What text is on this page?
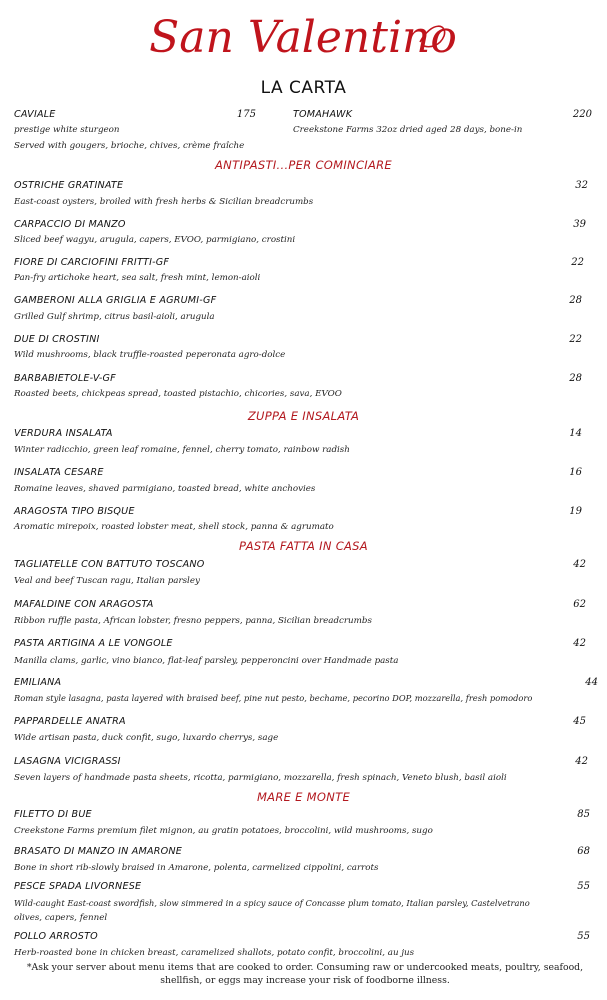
San Valentino
LA CARTA
CAVIALE	175
prestige white sturgeon
Served with gougers, brioche, chives, crème fraîche
TOMAHAWK	220
Creekstone Farms 32oz dried aged 28 days, bone-in
ANTIPASTI...PER COMINCIARE
OSTRICHE GRATINATE	32
East-coast oysters, broiled with fresh herbs & Sicilian breadcrumbs
CARPACCIO DI MANZO	39
Sliced beef wagyu, arugula, capers, EVOO, parmigiano, crostini
FIORE DI CARCIOFINI FRITTI-GF	22
Pan-fry artichoke heart, sea salt, fresh mint, lemon-aioli
GAMBERONI ALLA GRIGLIA E AGRUMI-GF	28
Grilled Gulf shrimp, citrus basil-aioli, arugula
DUE DI CROSTINI	22
Wild mushrooms, black truffle-roasted peperonata agro-dolce
BARBABIETOLE-V-GF	28
Roasted beets, chickpeas spread, toasted pistachio, chicories, sava, EVOO
ZUPPA E INSALATA
VERDURA INSALATA	14
Winter radicchio, green leaf romaine, fennel, cherry tomato, rainbow radish
INSALATA CESARE	16
Romaine leaves, shaved parmigiano, toasted bread, white anchovies
ARAGOSTA TIPO BISQUE	19
Aromatic mirepoix, roasted lobster meat, shell stock, panna & agrumato
PASTA FATTA IN CASA
TAGLIATELLE CON BATTUTO TOSCANO	42
Veal and beef Tuscan ragu, Italian parsley
MAFALDINE CON ARAGOSTA	62
Ribbon ruffle pasta, African lobster, fresno peppers, panna, Sicilian breadcrumbs
PASTA ARTIGINA A LE VONGOLE	42
Manilla clams, garlic, vino bianco, flat-leaf parsley, pepperoncini over Handmade pasta
EMILIANA	44
Roman style lasagna, pasta layered with braised beef, pine nut pesto, bechame, pecorino DOP, mozzarella, fresh pomodoro
PAPPARDELLE ANATRA	45
Wide artisan pasta, duck confit, sugo, luxardo cherrys, sage
LASAGNA VICIGRASSI	42
Seven layers of handmade pasta sheets, ricotta, parmigiano, mozzarella, fresh spinach, Veneto blush, basil aioli
MARE E MONTE
FILETTO DI BUE	85
Creekstone Farms premium filet mignon, au gratin potatoes, broccolini, wild mushrooms, sugo
BRASATO DI MANZO IN AMARONE	68
Bone in short rib-slowly braised in Amarone, polenta, carmelized cippolini, carrots
PESCE SPADA LIVORNESE	55
Wild-caught East-coast swordfish, slow simmered in a spicy sauce of Concasse plum tomato, Italian parsley, Castelvetrano
olives, capers, fennel
POLLO ARROSTO	55
Herb-roasted bone in chicken breast, caramelized shallots, potato confit, broccolini, au jus
*Ask your server about menu items that are cooked to order. Consuming raw or undercooked meats, poultry, seafood, shellfish, or eggs may increase your risk of foodborne illness.
